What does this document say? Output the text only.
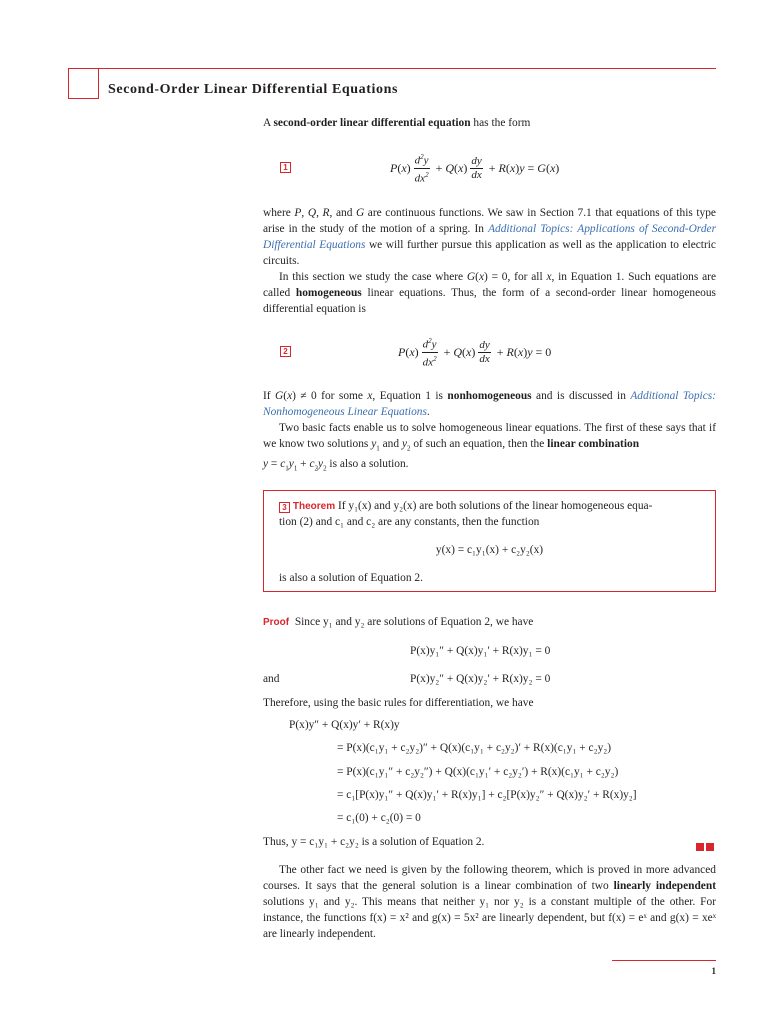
Second-Order Linear Differential Equations

A second-order linear differential equation has the form

1	P ( x ) $\frac{d^2y}{dx^2} + Q$ ( x ) $\frac{dy}{dx} + R$ ( x ) y = G ( x )

where P, Q, R, and G are continuous functions. We saw in Section 7.1 that equations of this type arise in the study of the motion of a spring. In Additional Topics: Applications of Second-Order Differential Equations we will further pursue this application as well as the application to electric circuits.

In this section we study the case where G(x) = 0, for all x, in Equation 1. Such equations are called homogeneous linear equations. Thus, the form of a second-order linear homogeneous differential equation is

2	P ( x ) $\frac{d^2y}{dx^2} + Q$ ( x ) $\frac{dy}{dx} + R$ ( x ) y = 0

If G(x) ≠ 0 for some x, Equation 1 is nonhomogeneous and is discussed in Additional Topics: Nonhomogeneous Linear Equations.

Two basic facts enable us to solve homogeneous linear equations. The first of these says that if we know two solutions $y_1$ and $y_2$ of such an equation, then the linear combination
$y = c_1y_1 + c_2y_2$ is also a solution.

3 Theorem If y₁(x) and y₂(x) are both solutions of the linear homogeneous equa-
tion (2) and c₁ and c₂ are any constants, then the function
y(x) = c₁y₁(x) + c₂y₂(x)
is also a solution of Equation 2.
Proof Since y₁ and y₂ are solutions of Equation 2, we have
P(x)y₁″ + Q(x)y₁′ + R(x)y₁ = 0
and	P(x)y₂″ + Q(x)y₂′ + R(x)y₂ = 0
Therefore, using the basic rules for differentiation, we have
P(x)y″ + Q(x)y′ + R(x)y
= P(x)(c₁y₁ + c₂y₂)″ + Q(x)(c₁y₁ + c₂y₂)′ + R(x)(c₁y₁ + c₂y₂)
= P(x)(c₁y₁″ + c₂y₂″) + Q(x)(c₁y₁′ + c₂y₂′) + R(x)(c₁y₁ + c₂y₂)
= c₁[P(x)y₁″ + Q(x)y₁′ + R(x)y₁] + c₂[P(x)y₂″ + Q(x)y₂′ + R(x)y₂]
= c₁(0) + c₂(0) = 0
Thus, y = c₁y₁ + c₂y₂ is a solution of Equation 2.

The other fact we need is given by the following theorem, which is proved in more advanced courses. It says that the general solution is a linear combination of two linearly independent solutions y₁ and y₂. This means that neither y₁ nor y₂ is a constant multiple of the other. For instance, the functions f(x) = x² and g(x) = 5x² are linearly dependent, but f(x) = eˣ and g(x) = xeˣ are linearly independent.

1
